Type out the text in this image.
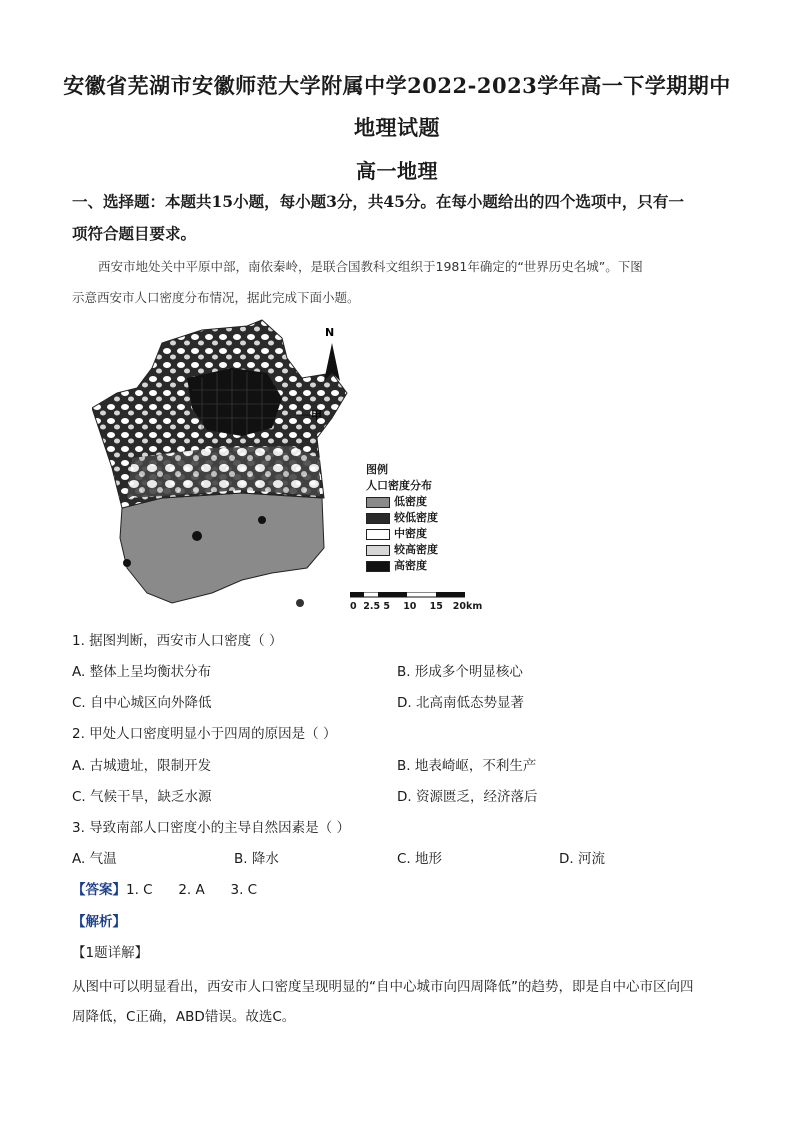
安徽省芜湖市安徽师范大学附属中学2022-2023学年高一下学期期中
地理试题
高一地理
一、选择题：本题共15小题，每小题3分，共45分。在每小题给出的四个选项中，只有一
项符合题目要求。
西安市地处关中平原中部，南依秦岭，是联合国教科文组织于1981年确定的“世界历史名城”。下图
示意西安市人口密度分布情况，据此完成下面小题。
N
甲
图例
人口密度分布
低密度
较低密度
中密度
较高密度
高密度
0  2.5 5    10    15   20km
1. 据图判断，西安市人口密度（ ）
A. 整体上呈均衡状分布	B. 形成多个明显核心
C. 自中心城区向外降低	D. 北高南低态势显著
2. 甲处人口密度明显小于四周的原因是（ ）
A. 古城遗址，限制开发	B. 地表崎岖，不利生产
C. 气候干旱，缺乏水源	D. 资源匮乏，经济落后
3. 导致南部人口密度小的主导自然因素是（ ）
A. 气温	B. 降水	C. 地形	D. 河流
【答案】1. C      2. A      3. C
【解析】
【1题详解】
从图中可以明显看出，西安市人口密度呈现明显的“自中心城市向四周降低”的趋势，即是自中心市区向四
周降低，C正确，ABD错误。故选C。
